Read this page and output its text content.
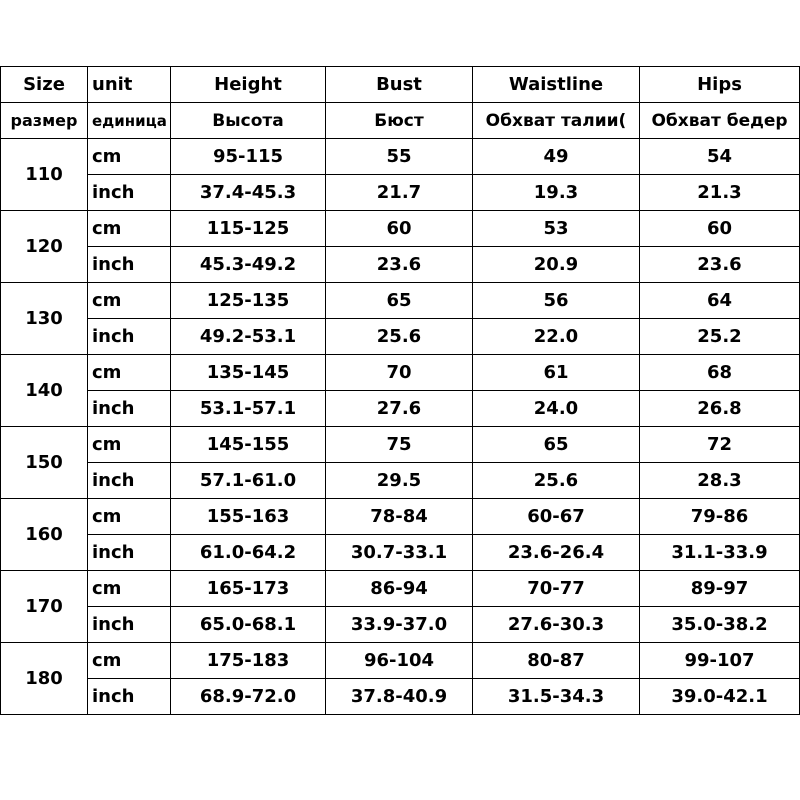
Size	unit	Height	Bust	Waistline	Hips
размер	единица	Высота	Бюст	Обхват талии(	Обхват бедер
110	cm	95-115	55	49	54
	inch	37.4-45.3	21.7	19.3	21.3
120	cm	115-125	60	53	60
	inch	45.3-49.2	23.6	20.9	23.6
130	cm	125-135	65	56	64
	inch	49.2-53.1	25.6	22.0	25.2
140	cm	135-145	70	61	68
	inch	53.1-57.1	27.6	24.0	26.8
150	cm	145-155	75	65	72
	inch	57.1-61.0	29.5	25.6	28.3
160	cm	155-163	78-84	60-67	79-86
	inch	61.0-64.2	30.7-33.1	23.6-26.4	31.1-33.9
170	cm	165-173	86-94	70-77	89-97
	inch	65.0-68.1	33.9-37.0	27.6-30.3	35.0-38.2
180	cm	175-183	96-104	80-87	99-107
	inch	68.9-72.0	37.8-40.9	31.5-34.3	39.0-42.1
